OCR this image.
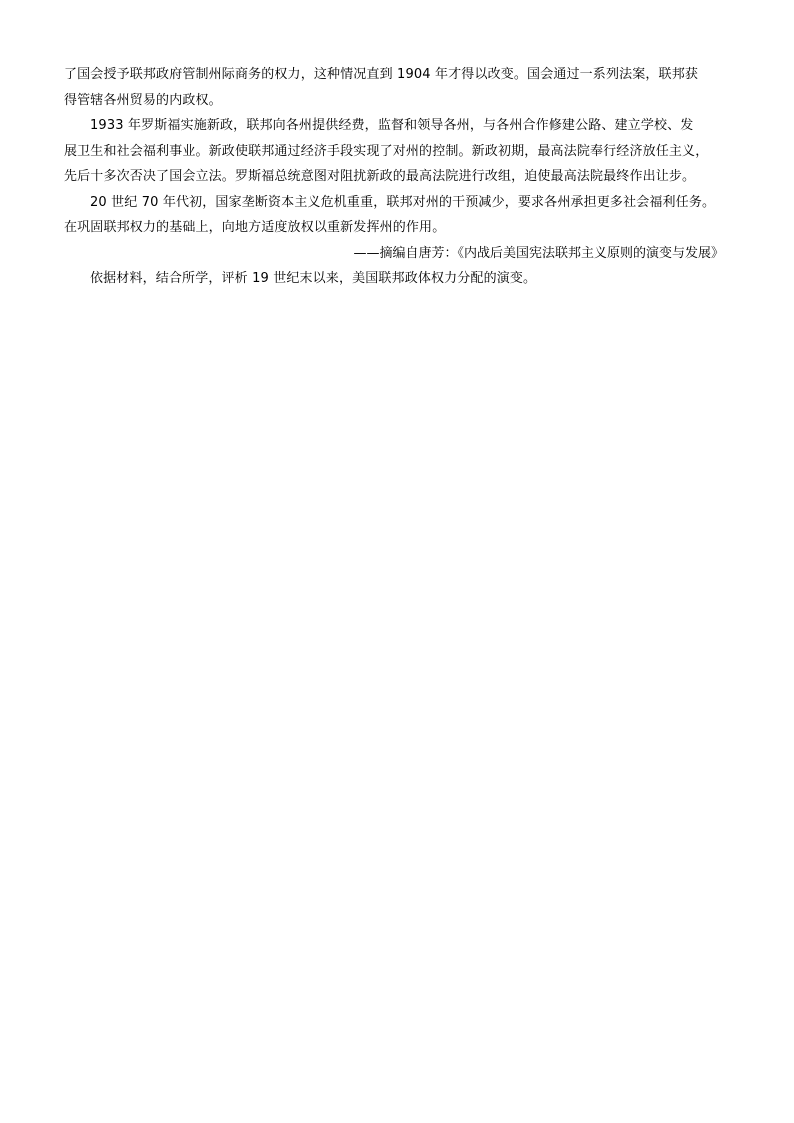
了国会授予联邦政府管制州际商务的权力，这种情况直到 1904 年才得以改变。国会通过一系列法案，联邦获
得管辖各州贸易的内政权。

1933 年罗斯福实施新政，联邦向各州提供经费，监督和领导各州，与各州合作修建公路、建立学校、发
展卫生和社会福利事业。新政使联邦通过经济手段实现了对州的控制。新政初期，最高法院奉行经济放任主义，
先后十多次否决了国会立法。罗斯福总统意图对阻扰新政的最高法院进行改组，迫使最高法院最终作出让步。

20 世纪 70 年代初，国家垄断资本主义危机重重，联邦对州的干预减少，要求各州承担更多社会福利任务。
在巩固联邦权力的基础上，向地方适度放权以重新发挥州的作用。

——摘编自唐芳：《内战后美国宪法联邦主义原则的演变与发展》

依据材料，结合所学，评析 19 世纪末以来，美国联邦政体权力分配的演变。
